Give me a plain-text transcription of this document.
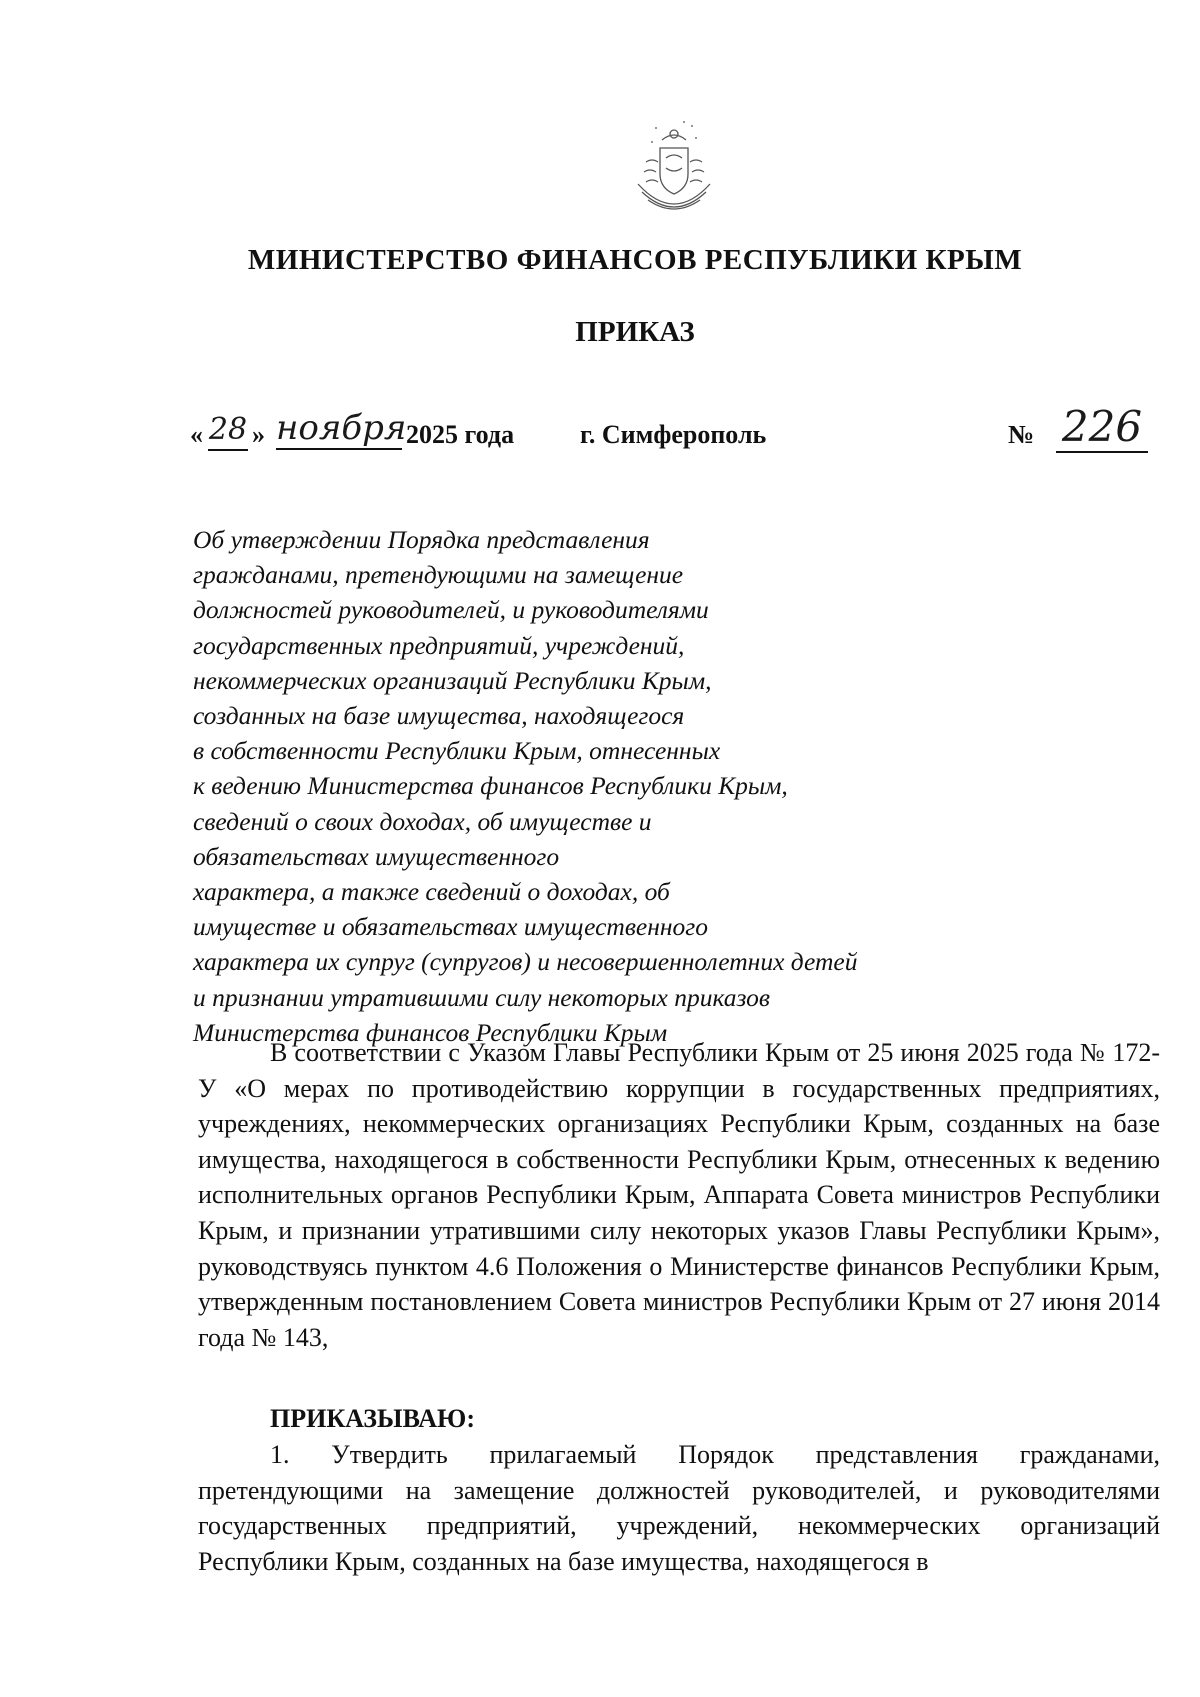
МИНИСТЕРСТВО ФИНАНСОВ РЕСПУБЛИКИ КРЫМ
ПРИКАЗ
« 28 » ноября 2025 года	г. Симферополь	№ 226
Об утверждении Порядка представления
гражданами, претендующими на замещение
должностей руководителей, и руководителями
государственных предприятий, учреждений,
некоммерческих организаций Республики Крым,
созданных на базе имущества, находящегося
в собственности Республики Крым, отнесенных
к ведению Министерства финансов Республики Крым,
сведений о своих доходах, об имуществе и
обязательствах имущественного
характера, а также сведений о доходах, об
имуществе и обязательствах имущественного
характера их супруг (супругов) и несовершеннолетних детей
и признании утратившими силу некоторых приказов
Министерства финансов Республики Крым
В соответствии с Указом Главы Республики Крым от 25 июня 2025 года № 172-У «О мерах по противодействию коррупции в государственных предприятиях, учреждениях, некоммерческих организациях Республики Крым, созданных на базе имущества, находящегося в собственности Республики Крым, отнесенных к ведению исполнительных органов Республики Крым, Аппарата Совета министров Республики Крым, и признании утратившими силу некоторых указов Главы Республики Крым», руководствуясь пунктом 4.6 Положения о Министерстве финансов Республики Крым, утвержденным постановлением Совета министров Республики Крым от 27 июня 2014 года № 143,
ПРИКАЗЫВАЮ:
1. Утвердить прилагаемый Порядок представления гражданами, претендующими на замещение должностей руководителей, и руководителями государственных предприятий, учреждений, некоммерческих организаций Республики Крым, созданных на базе имущества, находящегося в
